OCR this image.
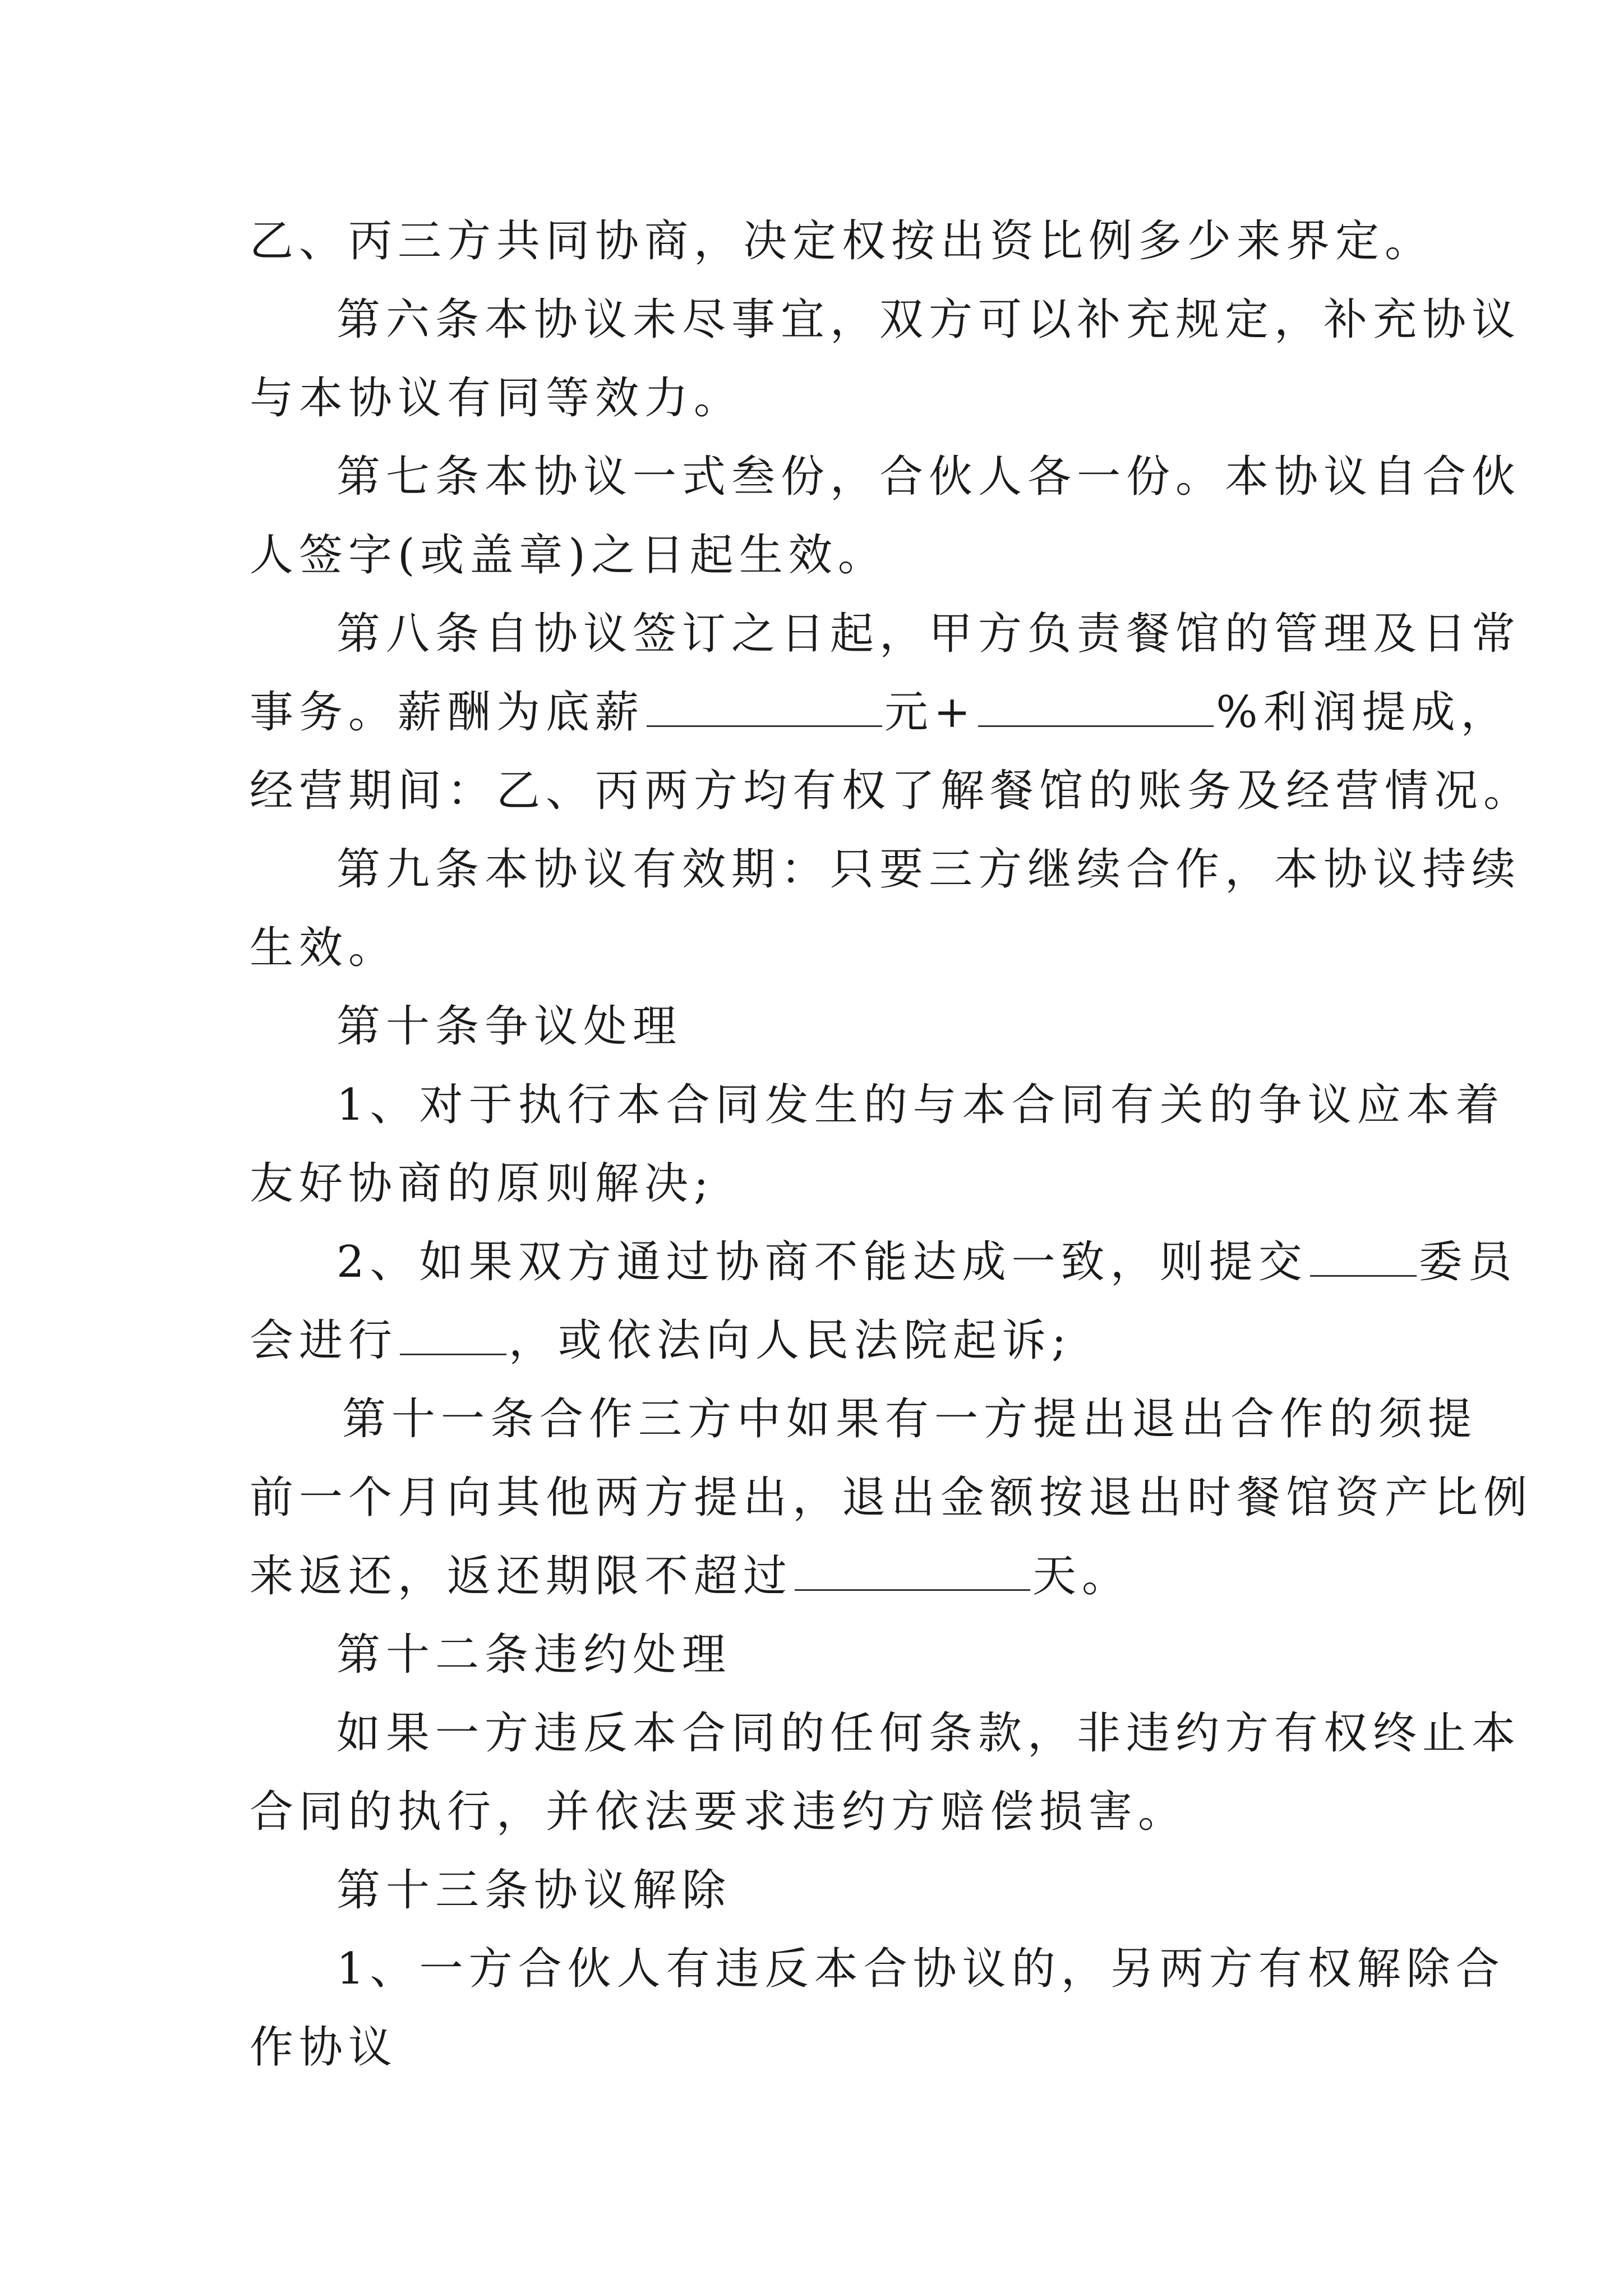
乙、丙三方共同协商，决定权按出资比例多少来界定。

第六条本协议未尽事宜，双方可以补充规定，补充协议

与本协议有同等效力。

第七条本协议一式叁份，合伙人各一份。本协议自合伙

人签字(或盖章)之日起生效。

第八条自协议签订之日起，甲方负责餐馆的管理及日常

事务。薪酬为底薪	元+	%利润提成，

经营期间：乙、丙两方均有权了解餐馆的账务及经营情况。

第九条本协议有效期：只要三方继续合作，本协议持续

生效。

第十条争议处理

1、对于执行本合同发生的与本合同有关的争议应本着

友好协商的原则解决;

2、如果双方通过协商不能达成一致，则提交	委员

会进行	，或依法向人民法院起诉;

第十一条合作三方中如果有一方提出退出合作的须提

前一个月向其他两方提出，退出金额按退出时餐馆资产比例

来返还，返还期限不超过	天。

第十二条违约处理

如果一方违反本合同的任何条款，非违约方有权终止本

合同的执行，并依法要求违约方赔偿损害。

第十三条协议解除

1、一方合伙人有违反本合协议的，另两方有权解除合

作协议
